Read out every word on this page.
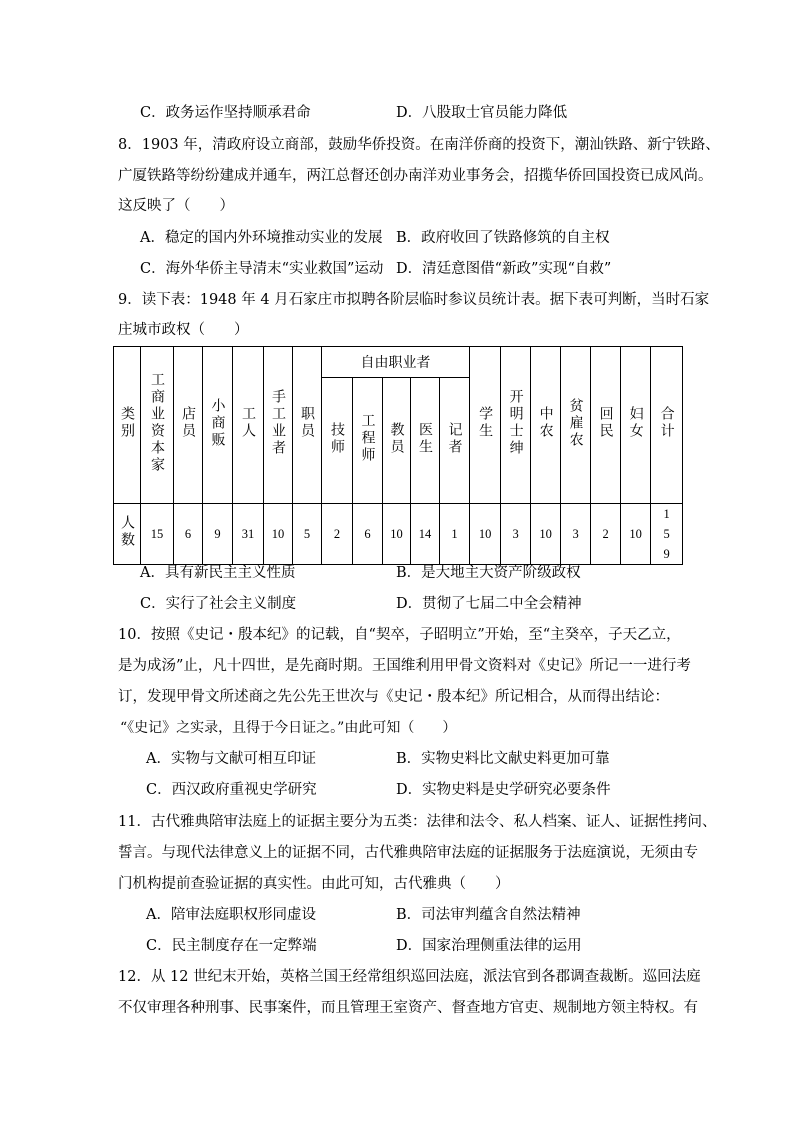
C．政务运作坚持顺承君命	D．八股取士官员能力降低
8．1903 年，清政府设立商部，鼓励华侨投资。在南洋侨商的投资下，潮汕铁路、新宁铁路、
广厦铁路等纷纷建成并通车，两江总督还创办南洋劝业事务会，招揽华侨回国投资已成风尚。
这反映了（　　）
A．稳定的国内外环境推动实业的发展 B．政府收回了铁路修筑的自主权
C．海外华侨主导清末“实业救国”运动 D．清廷意图借“新政”实现“自救”
9．读下表：1948 年 4 月石家庄市拟聘各阶层临时参议员统计表。据下表可判断，当时石家
庄城市政权（　　）
类别	工商业资本家	店员	小商贩	工人	手工业者	职员	自由职业者					学生	开明士绅	中农	贫雇农	回民	妇女	合计
							技师	工程师	教员	医生	记者							
人数	15	6	9	31	10	5	2	6	10	14	1	10	3	10	3	2	10	159
A．具有新民主主义性质	B．是大地主大资产阶级政权
C．实行了社会主义制度	D．贯彻了七届二中全会精神
10．按照《史记・殷本纪》的记载，自“契卒，子昭明立”开始，至“主癸卒，子天乙立，
是为成汤”止，凡十四世，是先商时期。王国维利用甲骨文资料对《史记》所记一一进行考
订，发现甲骨文所述商之先公先王世次与《史记・殷本纪》所记相合，从而得出结论：
“《史记》之实录，且得于今日证之。”由此可知（　　）
A．实物与文献可相互印证	B．实物史料比文献史料更加可靠
C．西汉政府重视史学研究	D．实物史料是史学研究必要条件
11．古代雅典陪审法庭上的证据主要分为五类：法律和法令、私人档案、证人、证据性拷问、
誓言。与现代法律意义上的证据不同，古代雅典陪审法庭的证据服务于法庭演说，无须由专
门机构提前查验证据的真实性。由此可知，古代雅典（　　）
A．陪审法庭职权形同虚设	B．司法审判蕴含自然法精神
C．民主制度存在一定弊端	D．国家治理侧重法律的运用
12．从 12 世纪末开始，英格兰国王经常组织巡回法庭，派法官到各郡调查裁断。巡回法庭
不仅审理各种刑事、民事案件，而且管理王室资产、督查地方官吏、规制地方领主特权。有
